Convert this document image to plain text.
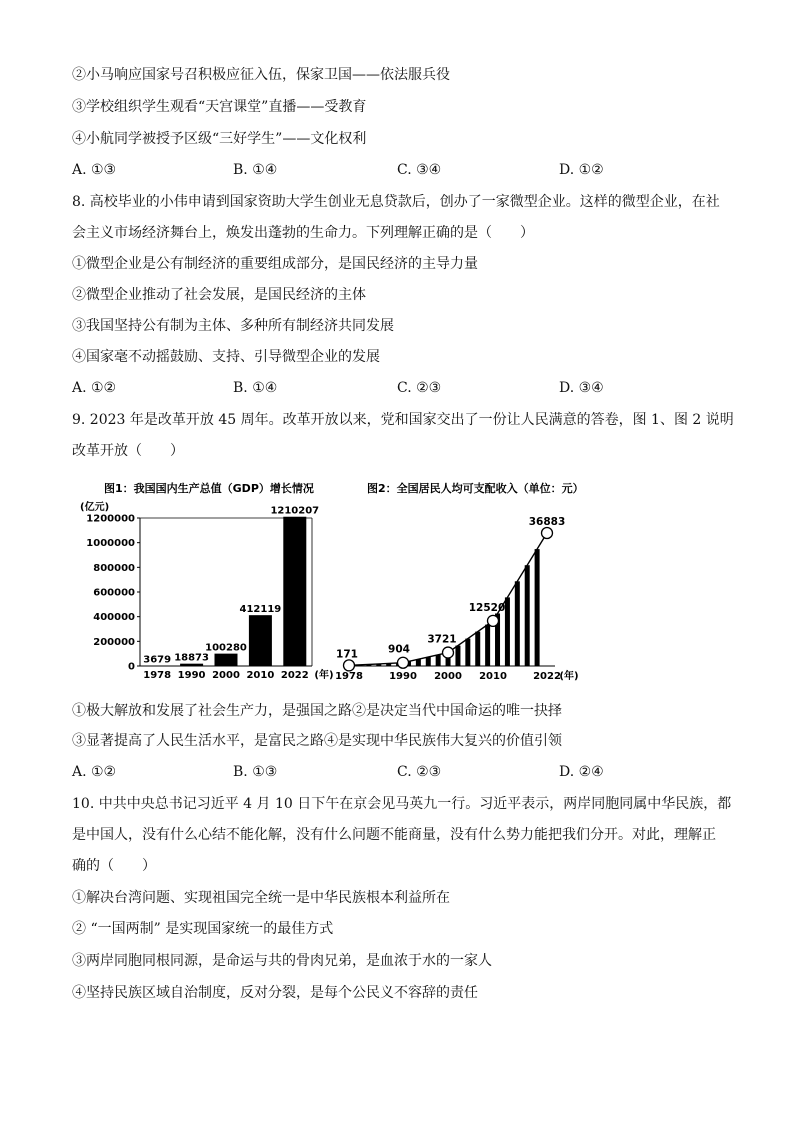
②小马响应国家号召积极应征入伍，保家卫国——依法服兵役
③学校组织学生观看“天宫课堂”直播——受教育
④小航同学被授予区级“三好学生”——文化权利
A. ①③	B. ①④	C. ③④	D. ①②
8. 高校毕业的小伟申请到国家资助大学生创业无息贷款后，创办了一家微型企业。这样的微型企业，在社
会主义市场经济舞台上，焕发出蓬勃的生命力。下列理解正确的是（　　）
①微型企业是公有制经济的重要组成部分，是国民经济的主导力量
②微型企业推动了社会发展，是国民经济的主体
③我国坚持公有制为主体、多种所有制经济共同发展
④国家毫不动摇鼓励、支持、引导微型企业的发展
A. ①②	B. ①④	C. ②③	D. ③④
9. 2023 年是改革开放 45 周年。改革开放以来，党和国家交出了一份让人民满意的答卷，图 1、图 2 说明
改革开放（　　）
图1：我国国内生产总值（GDP）增长情况
(亿元)
1200000
1000000
800000
600000
400000
200000
0
3679
1978
18873
1990
100280
2000
412119
2010
1210207
2022 (年)
图2：全国居民人均可支配收入（单位：元）
171	904
3721
12520
36883
1978	1990 2000 2010	2022
(年)
①极大解放和发展了社会生产力，是强国之路②是决定当代中国命运的唯一抉择
③显著提高了人民生活水平，是富民之路④是实现中华民族伟大复兴的价值引领
A. ①②	B. ①③	C. ②③	D. ②④
10. 中共中央总书记习近平 4 月 10 日下午在京会见马英九一行。习近平表示，两岸同胞同属中华民族，都
是中国人，没有什么心结不能化解，没有什么问题不能商量，没有什么势力能把我们分开。对此，理解正
确的（　　）
①解决台湾问题、实现祖国完全统一是中华民族根本利益所在
② “一国两制” 是实现国家统一的最佳方式
③两岸同胞同根同源，是命运与共的骨肉兄弟，是血浓于水的一家人
④坚持民族区域自治制度，反对分裂，是每个公民义不容辞的责任
